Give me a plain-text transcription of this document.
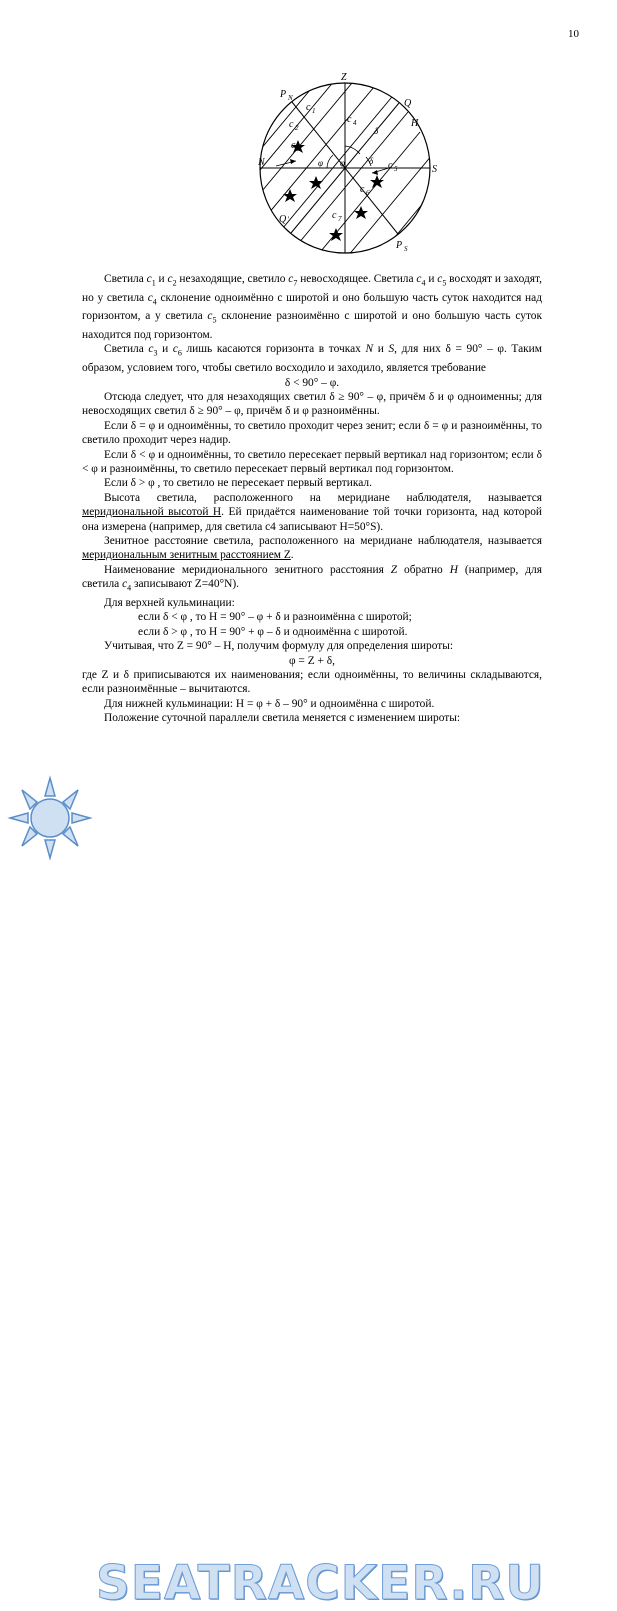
10
Z
P N
P S
N
S
Q
Q ′
H
φ φ	δ
δ
c 1
c 2
c 3
c 4
c 6
c 7
c 5

Светила $c_1$ и $c_2$ незаходящие, светило $c_7$ невосходящее. Светила $c_4$ и $c_5$ восходят и заходят, но у светила $c_4$ склонение одноимённо с широтой и оно большую часть суток находится над горизонтом, а у светила $c_5$ склонение разноимённо с широтой и оно большую часть суток находится под горизонтом.

Светила $c_3$ и $c_6$ лишь касаются горизонта в точках N и S, для них δ = 90° – φ. Таким образом, условием того, чтобы светило восходило и заходило, является требование

δ < 90° – φ.

Отсюда следует, что для незаходящих светил δ ≥ 90° – φ, причём δ и φ одноименны; для невосходящих светил δ ≥ 90° – φ, причём δ и φ разноимённы.

Если δ = φ и одноимённы, то светило проходит через зенит; если δ = φ и разноимённы, то светило проходит через надир.

Если δ < φ и одноимённы, то светило пересекает первый вертикал над горизонтом; если δ < φ и разноимённы, то светило пересекает первый вертикал под горизонтом.

Если δ > φ , то светило не пересекает первый вертикал.

Высота светила, расположенного на меридиане наблюдателя, называется меридиональной высотой H. Ей придаётся наименование той точки горизонта, над которой она измерена (например, для светила c4 записывают H=50°S).

Зенитное расстояние светила, расположенного на меридиане наблюдателя, называется меридиональным зенитным расстоянием Z.

Наименование меридионального зенитного расстояния Z обратно H (например, для светила $c_4$ записывают Z=40°N).

Для верхней кульминации:

если δ < φ , то H = 90° – φ + δ и разноимённа с широтой;

если δ > φ , то H = 90° + φ – δ и одноимённа с широтой.

Учитывая, что Z = 90° – H, получим формулу для определения широты:

φ = Z + δ,

где Z и δ приписываются их наименования; если одноимённы, то величины складываются, если разноимённые – вычитаются.

Для нижней кульминации: H = φ + δ – 90° и одноимённа с широтой.

Положение суточной параллели светила меняется с изменением широты:

SEATRACKER.RU
